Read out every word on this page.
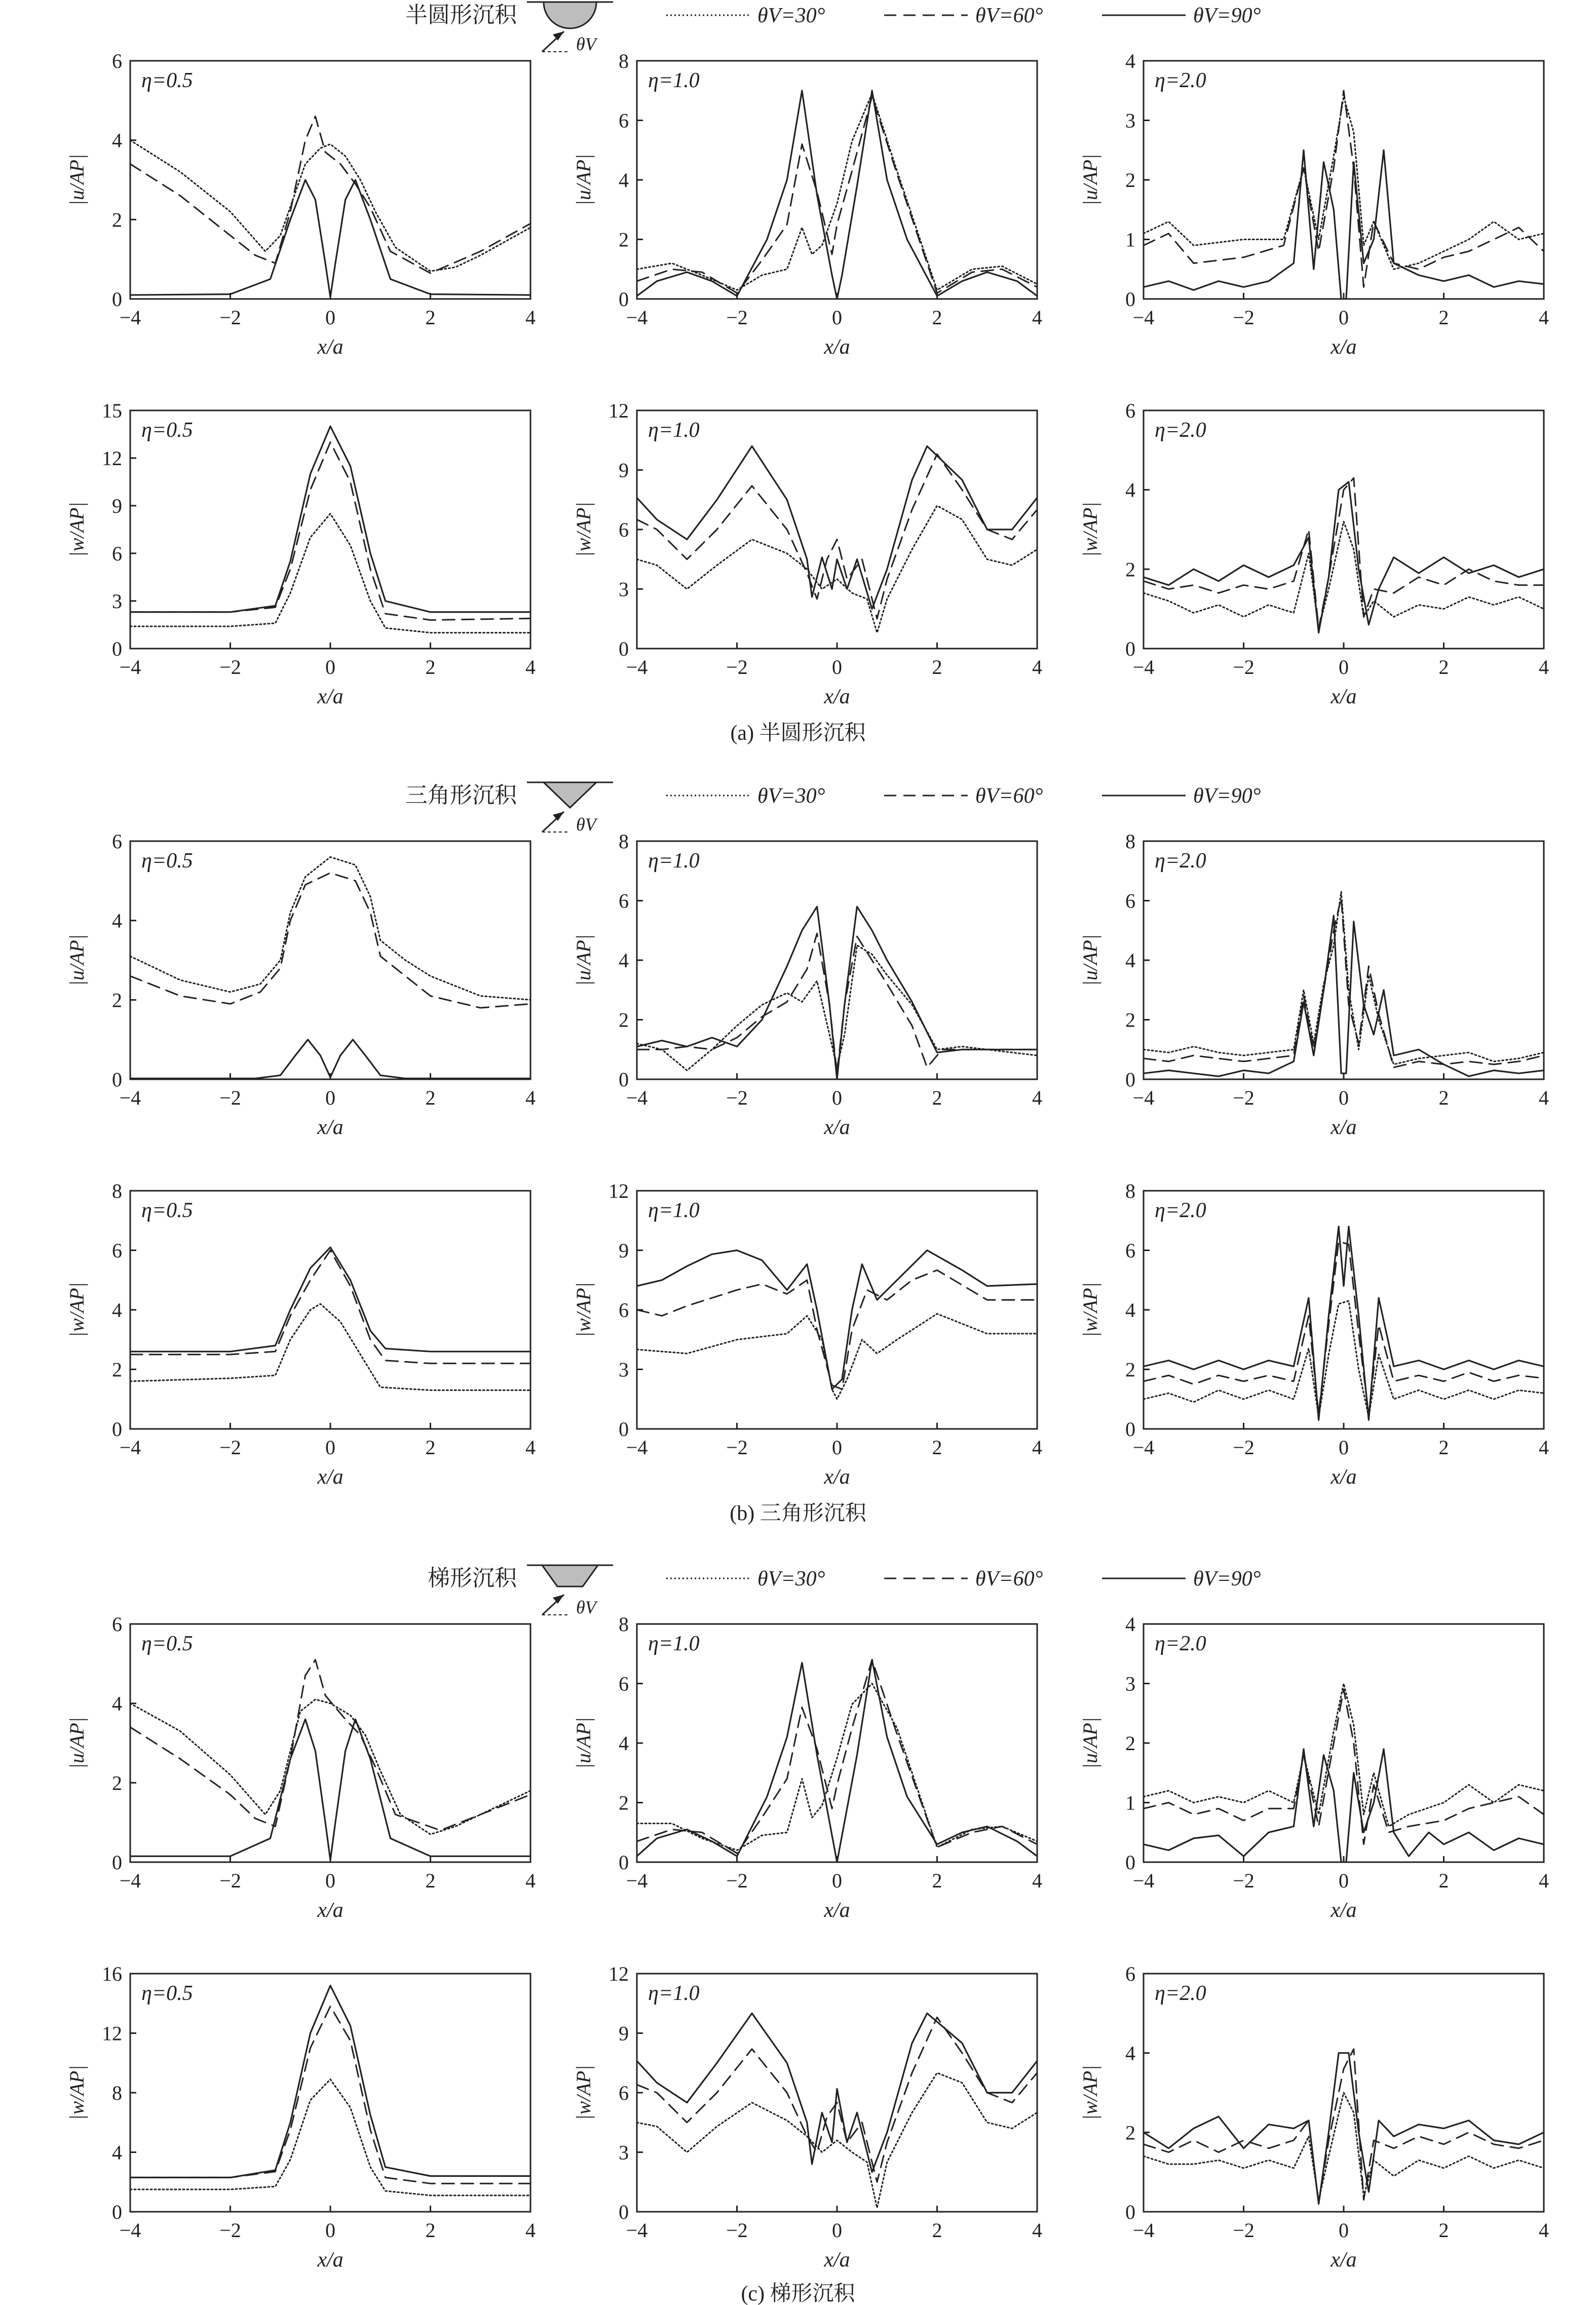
半圆形沉积
θV
θV=30°	θV=60°	θV=90°
(a) 半圆形沉积
三角形沉积
θV
θV=30°	θV=60°	θV=90°
(b) 三角形沉积
梯形沉积
θV
θV=30°	θV=60°	θV=90°
(c) 梯形沉积
−4	−2	0	2	4
0
2
4
6
x/a
|u/AP|
η=0.5
−4	−2	0	2	4
0
2
4
6
8
x/a
|u/AP|
η=1.0
−4	−2	0	2	4
0
1
2
3
4
x/a
|u/AP|
η=2.0
−4	−2	0	2	4
0
3
6
9
12
15
x/a
|w/AP|
η=0.5
−4	−2	0	2	4
0
3
6
9
12
x/a
|w/AP|
η=1.0
−4	−2	0	2	4
0
2
4
6
x/a
|w/AP|
η=2.0
−4	−2	0	2	4
0
2
4
6
x/a
|u/AP|
η=0.5
−4	−2	0	2	4
0
2
4
6
8
x/a
|u/AP|
η=1.0
−4	−2	0	2	4
0
2
4
6
8
x/a
|u/AP|
η=2.0
−4	−2	0	2	4
0
2
4
6
8
x/a
|w/AP|
η=0.5
−4	−2	0	2	4
0
3
6
9
12
x/a
|w/AP|
η=1.0
−4	−2	0	2	4
0
2
4
6
8
x/a
|w/AP|
η=2.0
−4	−2	0	2	4
0
2
4
6
x/a
|u/AP|
η=0.5
−4	−2	0	2	4
0
2
4
6
8
x/a
|u/AP|
η=1.0
−4	−2	0	2	4
0
1
2
3
4
x/a
|u/AP|
η=2.0
−4	−2	0	2	4
0
4
8
12
16
x/a
|w/AP|
η=0.5
−4	−2	0	2	4
0
3
6
9
12
x/a
|w/AP|
η=1.0
−4	−2	0	2	4
0
2
4
6
x/a
|w/AP|
η=2.0
